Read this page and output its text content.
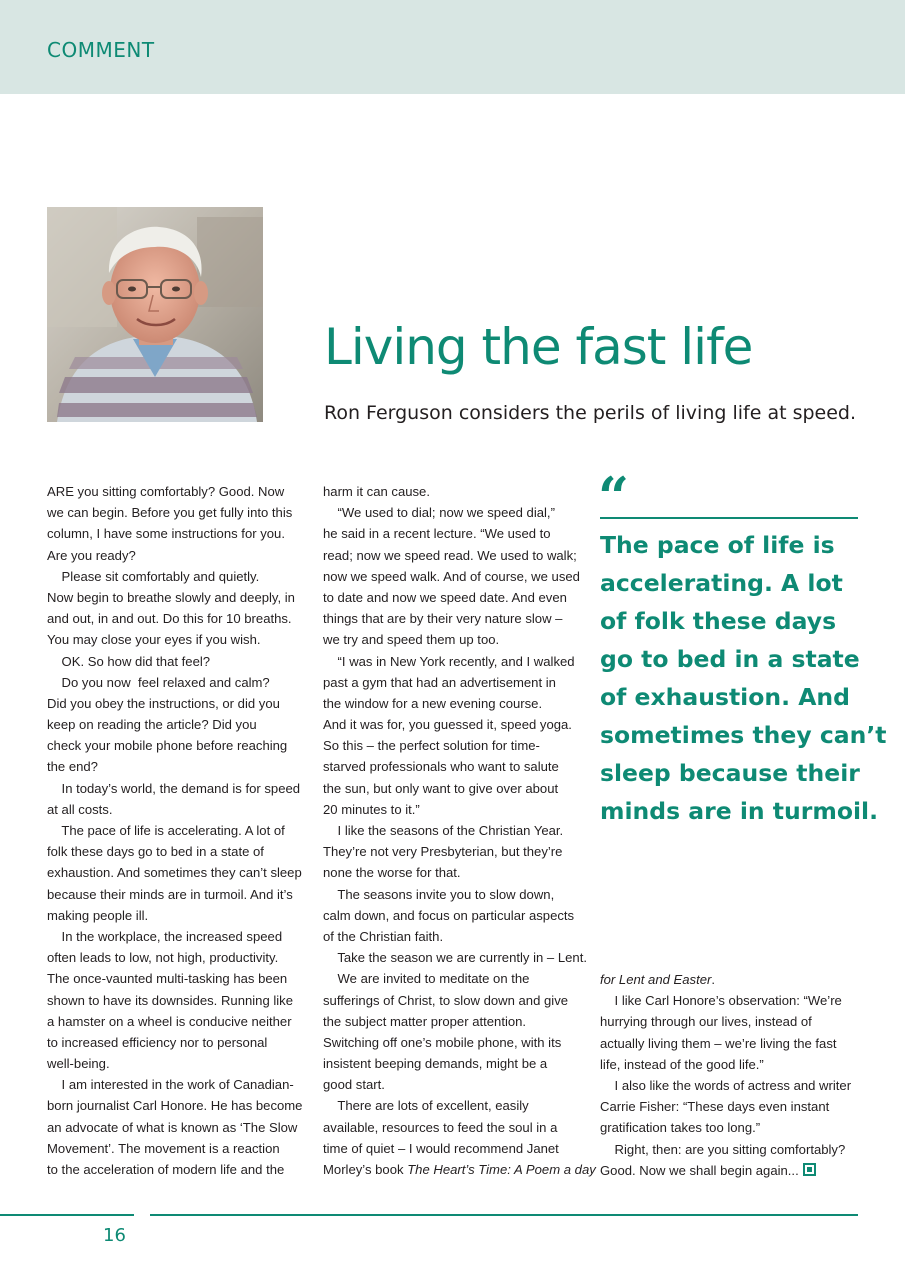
COMMENT
Living the fast life
Ron Ferguson considers the perils of living life at speed.
ARE you sitting comfortably? Good. Now
we can begin. Before you get fully into this
column, I have some instructions for you.
Are you ready?
Please sit comfortably and quietly.
Now begin to breathe slowly and deeply, in
and out, in and out. Do this for 10 breaths.
You may close your eyes if you wish.
OK. So how did that feel?
Do you now  feel relaxed and calm?
Did you obey the instructions, or did you
keep on reading the article? Did you
check your mobile phone before reaching
the end?
In today’s world, the demand is for speed
at all costs.
The pace of life is accelerating. A lot of
folk these days go to bed in a state of
exhaustion. And sometimes they can’t sleep
because their minds are in turmoil. And it’s
making people ill.
In the workplace, the increased speed
often leads to low, not high, productivity.
The once-vaunted multi-tasking has been
shown to have its downsides. Running like
a hamster on a wheel is conducive neither
to increased efficiency nor to personal
well-being.
I am interested in the work of Canadian-
born journalist Carl Honore. He has become
an advocate of what is known as ‘The Slow
Movement’. The movement is a reaction
to the acceleration of modern life and the
harm it can cause.
“We used to dial; now we speed dial,”
he said in a recent lecture. “We used to
read; now we speed read. We used to walk;
now we speed walk. And of course, we used
to date and now we speed date. And even
things that are by their very nature slow –
we try and speed them up too.
“I was in New York recently, and I walked
past a gym that had an advertisement in
the window for a new evening course.
And it was for, you guessed it, speed yoga.
So this – the perfect solution for time-
starved professionals who want to salute
the sun, but only want to give over about
20 minutes to it.”
I like the seasons of the Christian Year.
They’re not very Presbyterian, but they’re
none the worse for that.
The seasons invite you to slow down,
calm down, and focus on particular aspects
of the Christian faith.
Take the season we are currently in – Lent.
We are invited to meditate on the
sufferings of Christ, to slow down and give
the subject matter proper attention.
Switching off one’s mobile phone, with its
insistent beeping demands, might be a
good start.
There are lots of excellent, easily
available, resources to feed the soul in a
time of quiet – I would recommend Janet
Morley’s book The Heart’s Time: A Poem a day
“
The pace of life is
accelerating. A lot
of folk these days
go to bed in a state
of exhaustion. And
sometimes they can’t
sleep because their
minds are in turmoil.
for Lent and Easter.
I like Carl Honore’s observation: “We’re
hurrying through our lives, instead of
actually living them – we’re living the fast
life, instead of the good life.”
I also like the words of actress and writer
Carrie Fisher: “These days even instant
gratification takes too long.”
Right, then: are you sitting comfortably?
Good. Now we shall begin again...
16
